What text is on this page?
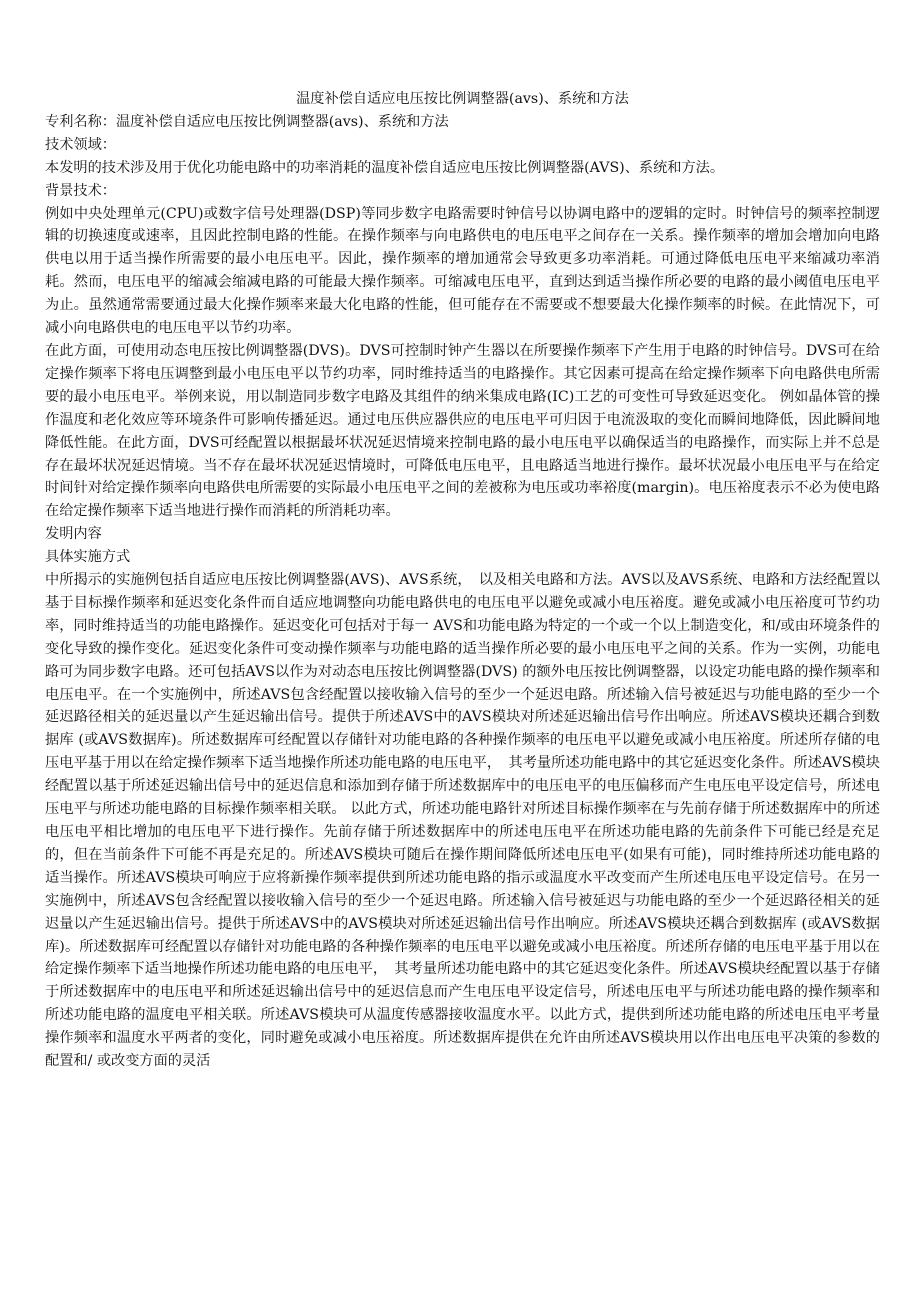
温度补偿自适应电压按比例调整器(avs)、系统和方法

专利名称：温度补偿自适应电压按比例调整器(avs)、系统和方法

技术领域：

本发明的技术涉及用于优化功能电路中的功率消耗的温度补偿自适应电压按比例调整器(AVS)、系统和方法。

背景技术：

例如中央处理单元(CPU)或数字信号处理器(DSP)等同步数字电路需要时钟信号以协调电路中的逻辑的定时。时钟信号的频率控制逻辑的切换速度或速率，且因此控制电路的性能。在操作频率与向电路供电的电压电平之间存在一关系。操作频率的增加会增加向电路供电以用于适当操作所需要的最小电压电平。因此，操作频率的增加通常会导致更多功率消耗。可通过降低电压电平来缩减功率消耗。然而，电压电平的缩减会缩减电路的可能最大操作频率。可缩减电压电平，直到达到适当操作所必要的电路的最小阈值电压电平为止。虽然通常需要通过最大化操作频率来最大化电路的性能，但可能存在不需要或不想要最大化操作频率的时候。在此情况下，可减小向电路供电的电压电平以节约功率。

在此方面，可使用动态电压按比例调整器(DVS)。DVS可控制时钟产生器以在所要操作频率下产生用于电路的时钟信号。DVS可在给定操作频率下将电压调整到最小电压电平以节约功率，同时维持适当的电路操作。其它因素可提高在给定操作频率下向电路供电所需要的最小电压电平。举例来说，用以制造同步数字电路及其组件的纳米集成电路(IC)工艺的可变性可导致延迟变化。 例如晶体管的操作温度和老化效应等环境条件可影响传播延迟。通过电压供应器供应的电压电平可归因于电流汲取的变化而瞬间地降低，因此瞬间地降低性能。在此方面，DVS可经配置以根据最坏状况延迟情境来控制电路的最小电压电平以确保适当的电路操作，而实际上并不总是存在最坏状况延迟情境。当不存在最坏状况延迟情境时，可降低电压电平，且电路适当地进行操作。最坏状况最小电压电平与在给定时间针对给定操作频率向电路供电所需要的实际最小电压电平之间的差被称为电压或功率裕度(margin)。电压裕度表示不必为使电路在给定操作频率下适当地进行操作而消耗的所消耗功率。

发明内容

具体实施方式

中所揭示的实施例包括自适应电压按比例调整器(AVS)、AVS系统，　以及相关电路和方法。AVS以及AVS系统、电路和方法经配置以基于目标操作频率和延迟变化条件而自适应地调整向功能电路供电的电压电平以避免或减小电压裕度。避免或减小电压裕度可节约功率，同时维持适当的功能电路操作。延迟变化可包括对于每一 AVS和功能电路为特定的一个或一个以上制造变化，和/或由环境条件的变化导致的操作变化。延迟变化条件可变动操作频率与功能电路的适当操作所必要的最小电压电平之间的关系。作为一实例，功能电路可为同步数字电路。还可包括AVS以作为对动态电压按比例调整器(DVS) 的额外电压按比例调整器，以设定功能电路的操作频率和电压电平。在一个实施例中，所述AVS包含经配置以接收输入信号的至少一个延迟电路。所述输入信号被延迟与功能电路的至少一个延迟路径相关的延迟量以产生延迟输出信号。提供于所述AVS中的AVS模块对所述延迟输出信号作出响应。所述AVS模块还耦合到数据库 (或AVS数据库)。所述数据库可经配置以存储针对功能电路的各种操作频率的电压电平以避免或减小电压裕度。所述所存储的电压电平基于用以在给定操作频率下适当地操作所述功能电路的电压电平，　其考量所述功能电路中的其它延迟变化条件。所述AVS模块经配置以基于所述延迟输出信号中的延迟信息和添加到存储于所述数据库中的电压电平的电压偏移而产生电压电平设定信号，所述电压电平与所述功能电路的目标操作频率相关联。 以此方式，所述功能电路针对所述目标操作频率在与先前存储于所述数据库中的所述电压电平相比增加的电压电平下进行操作。先前存储于所述数据库中的所述电压电平在所述功能电路的先前条件下可能已经是充足的，但在当前条件下可能不再是充足的。所述AVS模块可随后在操作期间降低所述电压电平(如果有可能)，同时维持所述功能电路的适当操作。所述AVS模块可响应于应将新操作频率提供到所述功能电路的指示或温度水平改变而产生所述电压电平设定信号。在另一实施例中，所述AVS包含经配置以接收输入信号的至少一个延迟电路。所述输入信号被延迟与功能电路的至少一个延迟路径相关的延迟量以产生延迟输出信号。提供于所述AVS中的AVS模块对所述延迟输出信号作出响应。所述AVS模块还耦合到数据库 (或AVS数据库)。所述数据库可经配置以存储针对功能电路的各种操作频率的电压电平以避免或减小电压裕度。所述所存储的电压电平基于用以在给定操作频率下适当地操作所述功能电路的电压电平，　其考量所述功能电路中的其它延迟变化条件。所述AVS模块经配置以基于存储于所述数据库中的电压电平和所述延迟输出信号中的延迟信息而产生电压电平设定信号，所述电压电平与所述功能电路的操作频率和所述功能电路的温度电平相关联。所述AVS模块可从温度传感器接收温度水平。以此方式，提供到所述功能电路的所述电压电平考量操作频率和温度水平两者的变化，同时避免或减小电压裕度。所述数据库提供在允许由所述AVS模块用以作出电压电平决策的参数的配置和/ 或改变方面的灵活
